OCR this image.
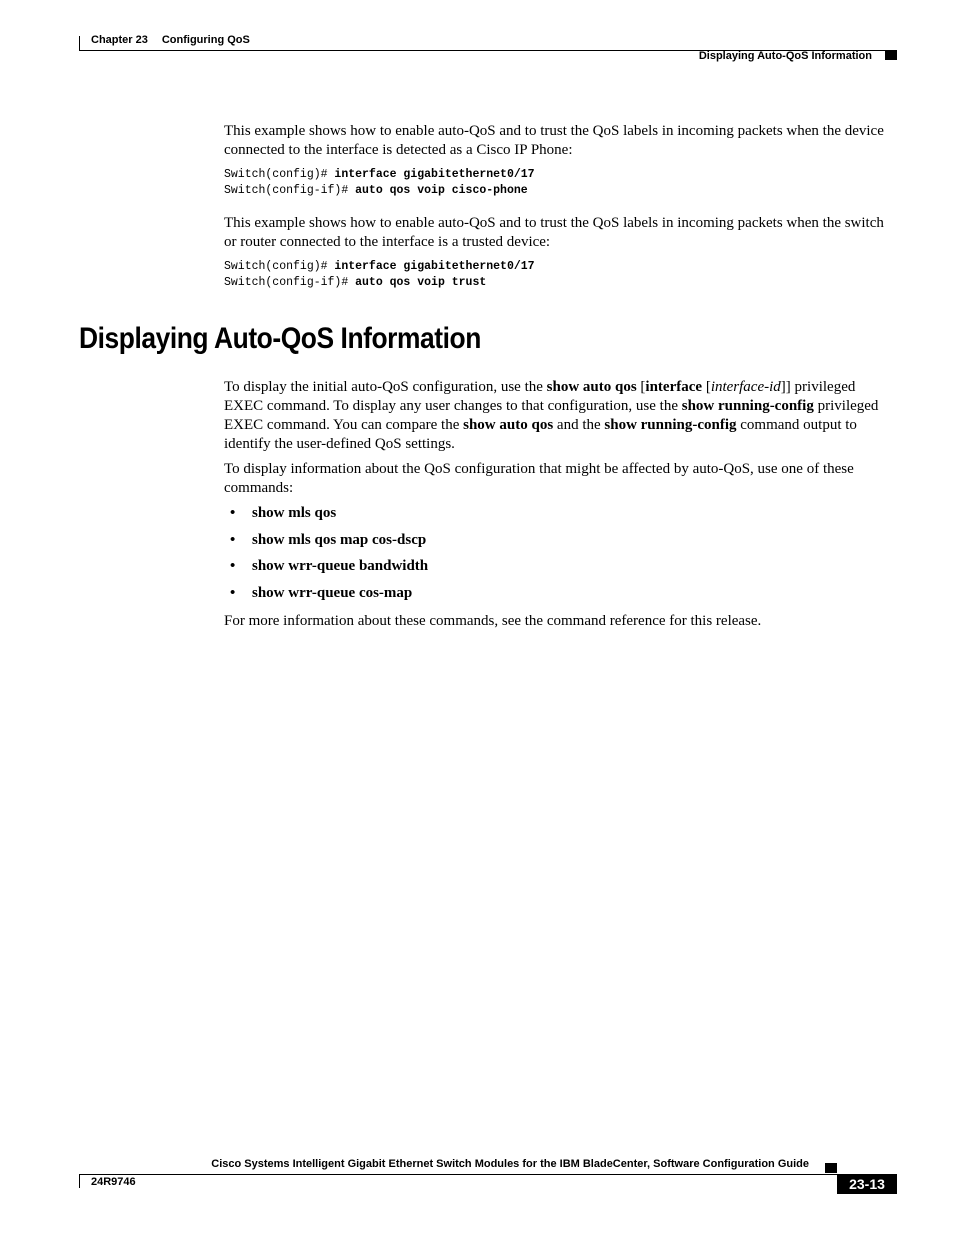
Chapter 23 Configuring QoS
Displaying Auto-QoS Information
This example shows how to enable auto-QoS and to trust the QoS labels in incoming packets when the device connected to the interface is detected as a Cisco IP Phone:
Switch(config)# interface gigabitethernet0/17
Switch(config-if)# auto qos voip cisco-phone
This example shows how to enable auto-QoS and to trust the QoS labels in incoming packets when the switch or router connected to the interface is a trusted device:
Switch(config)# interface gigabitethernet0/17
Switch(config-if)# auto qos voip trust
Displaying Auto-QoS Information
To display the initial auto-QoS configuration, use the show auto qos [interface [interface-id]] privileged EXEC command. To display any user changes to that configuration, use the show running-config privileged EXEC command. You can compare the show auto qos and the show running-config command output to identify the user-defined QoS settings.
To display information about the QoS configuration that might be affected by auto-QoS, use one of these commands:
• show mls qos
• show mls qos map cos-dscp
• show wrr-queue bandwidth
• show wrr-queue cos-map
For more information about these commands, see the command reference for this release.
Cisco Systems Intelligent Gigabit Ethernet Switch Modules for the IBM BladeCenter, Software Configuration Guide
24R9746	23-13
